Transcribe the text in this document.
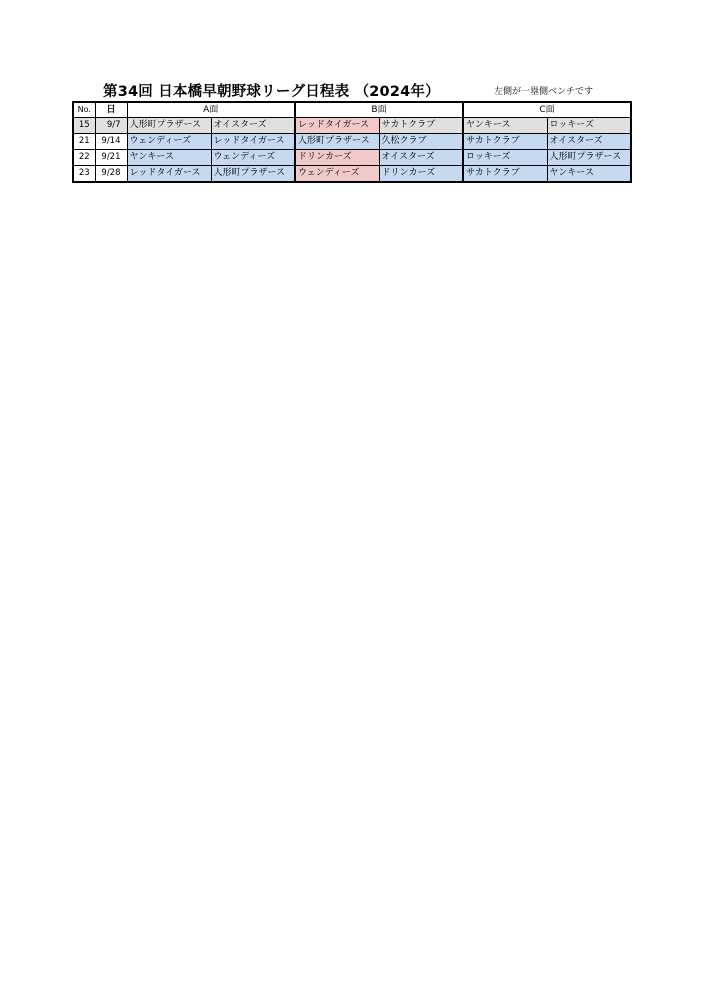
第34回 日本橋早朝野球リーグ日程表 （2024年）	左側が一塁側ベンチです
No.	日	A面		B面		C面	
15	9/7	人形町プラザース	オイスターズ	レッドタイガース	サカトクラブ	ヤンキース	ロッキーズ
21	9/14	ウェンディーズ	レッドタイガース	人形町プラザース	久松クラブ	サカトクラブ	オイスターズ
22	9/21	ヤンキース	ウェンディーズ	ドリンカーズ	オイスターズ	ロッキーズ	人形町プラザース
23	9/28	レッドタイガース	人形町プラザース	ウェンディーズ	ドリンカーズ	サカトクラブ	ヤンキース
